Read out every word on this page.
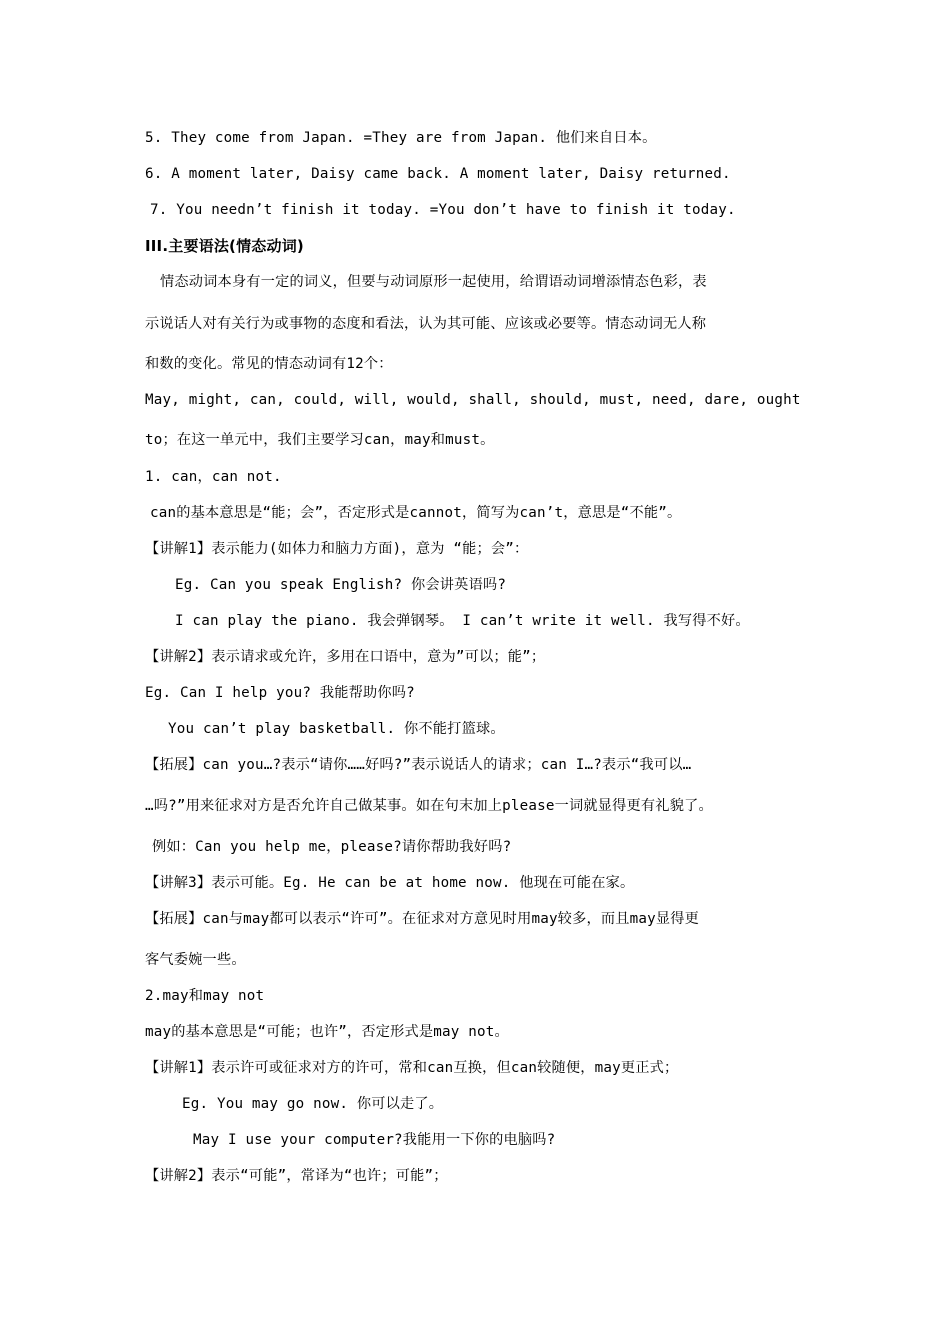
5. They come from Japan. =They are from Japan. 他们来自日本。
6. A moment later, Daisy came back. A moment later, Daisy returned.
7. You needn’t finish it today. =You don’t have to finish it today.
III.主要语法(情态动词)
情态动词本身有一定的词义，但要与动词原形一起使用，给谓语动词增添情态色彩，表
示说话人对有关行为或事物的态度和看法，认为其可能、应该或必要等。情态动词无人称
和数的变化。常见的情态动词有12个：
May, might, can, could, will, would, shall, should, must, need, dare, ought
to；在这一单元中，我们主要学习can，may和must。
1. can，can not.
can的基本意思是“能；会”，否定形式是cannot，简写为can’t，意思是“不能”。
【讲解1】表示能力(如体力和脑力方面)，意为 “能；会”：
Eg. Can you speak English? 你会讲英语吗?
I can play the piano. 我会弹钢琴。 I can’t write it well. 我写得不好。
【讲解2】表示请求或允许，多用在口语中，意为”可以；能”；
Eg. Can I help you? 我能帮助你吗?
You can’t play basketball. 你不能打篮球。
【拓展】can you…?表示“请你……好吗?”表示说话人的请求；can I…?表示“我可以…
…吗?”用来征求对方是否允许自己做某事。如在句末加上please一词就显得更有礼貌了。
例如：Can you help me，please?请你帮助我好吗?
【讲解3】表示可能。Eg. He can be at home now. 他现在可能在家。
【拓展】can与may都可以表示“许可”。在征求对方意见时用may较多，而且may显得更
客气委婉一些。
2.may和may not
may的基本意思是“可能；也许”，否定形式是may not。
【讲解1】表示许可或征求对方的许可，常和can互换，但can较随便，may更正式；
Eg. You may go now. 你可以走了。
May I use your computer?我能用一下你的电脑吗?
【讲解2】表示“可能”，常译为“也许；可能”；
